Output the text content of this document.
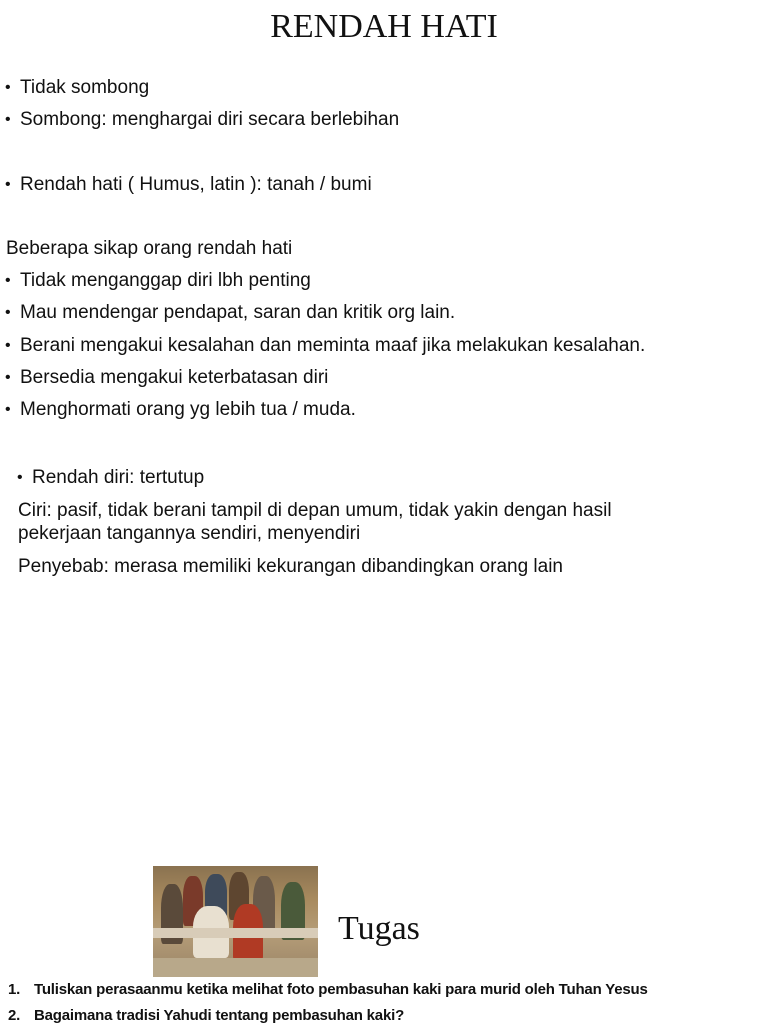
RENDAH HATI
• Tidak sombong
• Sombong: menghargai diri secara berlebihan
• Rendah hati ( Humus, latin ): tanah / bumi
Beberapa sikap orang rendah hati
• Tidak menganggap diri lbh penting
• Mau mendengar pendapat, saran dan kritik org lain.
• Berani mengakui kesalahan dan meminta maaf jika melakukan kesalahan.
• Bersedia mengakui keterbatasan diri
• Menghormati orang yg lebih tua / muda.
• Rendah diri: tertutup
Ciri: pasif, tidak berani tampil di depan umum, tidak yakin dengan hasil
pekerjaan tangannya sendiri, menyendiri
Penyebab: merasa memiliki kekurangan dibandingkan orang lain
Tugas
1. Tuliskan perasaanmu ketika melihat foto pembasuhan kaki para murid oleh Tuhan Yesus
2. Bagaimana tradisi Yahudi tentang pembasuhan kaki?
